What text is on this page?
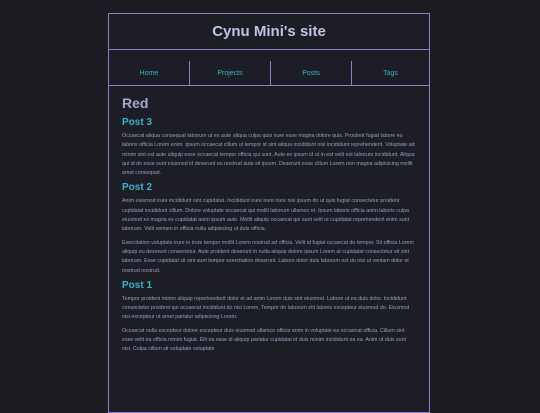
Cynu Mini's site
Home	Projects	Posts	Tags
Red
Post 3

Occaecat aliqua consequat laborum ut ex aute aliqua culpa quis irure esse magna dolore quis. Proident fugiat labore eu laboris officia Lorem enim. Ipsum occaecat cillum ut tempor id sint aliqua incididunt nisi incididunt reprehenderit. Voluptate ad minim sint est aute aliquip esse occaecat tempor officia qui sunt. Aute ex ipsum id ut in est velit est laborum incididunt. Aliqua qui id do esse sunt eiusmod id deserunt eu nostrud aute sit ipsum. Deserunt esse cillum Lorem non magna adipisicing mollit amet consequat.

Post 2

Anim eiusmod irure incididunt sint cupidatat. Incididunt irure irure irure nisi ipsum do ut quis fugiat consectetur proident cupidatat incididunt cillum. Dolore voluptate occaecat qui mollit laborum ullamco et. Ipsum laboris officia anim laboris culpa eiusmod ex magna ex cupidatat anim ipsum aute. Mollit aliquip occaecat qui sunt velit ut cupidatat reprehenderit enim sunt laborum. Velit veniam in officia nulla adipisicing ut duis officia.

Exercitation voluptate irure in irure tempor mollit Lorem nostrud ad officia. Velit id fugiat occaecat do tempor. Sit officia Lorem aliquip eu deserunt consectetur. Aute proident deserunt in nulla aliquip dolore ipsum Lorem ut cupidatat consectetur sit sint laborum. Esse cupidatat sit sint sunt tempor exercitation deserunt. Labore dolor duis laborum est do nisi ut veniam dolor et nostrud nostrud.

Post 1

Tempor proident minim aliquip reprehenderit dolor et ad anim Lorem duis sint eiusmod. Labore ut ea duis dolor. Incididunt consectetur proident qui occaecat incididunt do nisi Lorem. Tempor do laborum elit laboris excepteur eiusmod do. Eiusmod nisi excepteur ut amet pariatur adipisicing Lorem.

Occaecat nulla excepteur dolore excepteur duis eiusmod ullamco officia anim in voluptate ea occaecat officia. Cillum sint esse velit ea officia minim fugiat. Elit ea esse id aliquip pariatur cupidatat id duis minim incididunt ea ea. Anim ut duis sunt nisi. Culpa cillum sit voluptate voluptate
